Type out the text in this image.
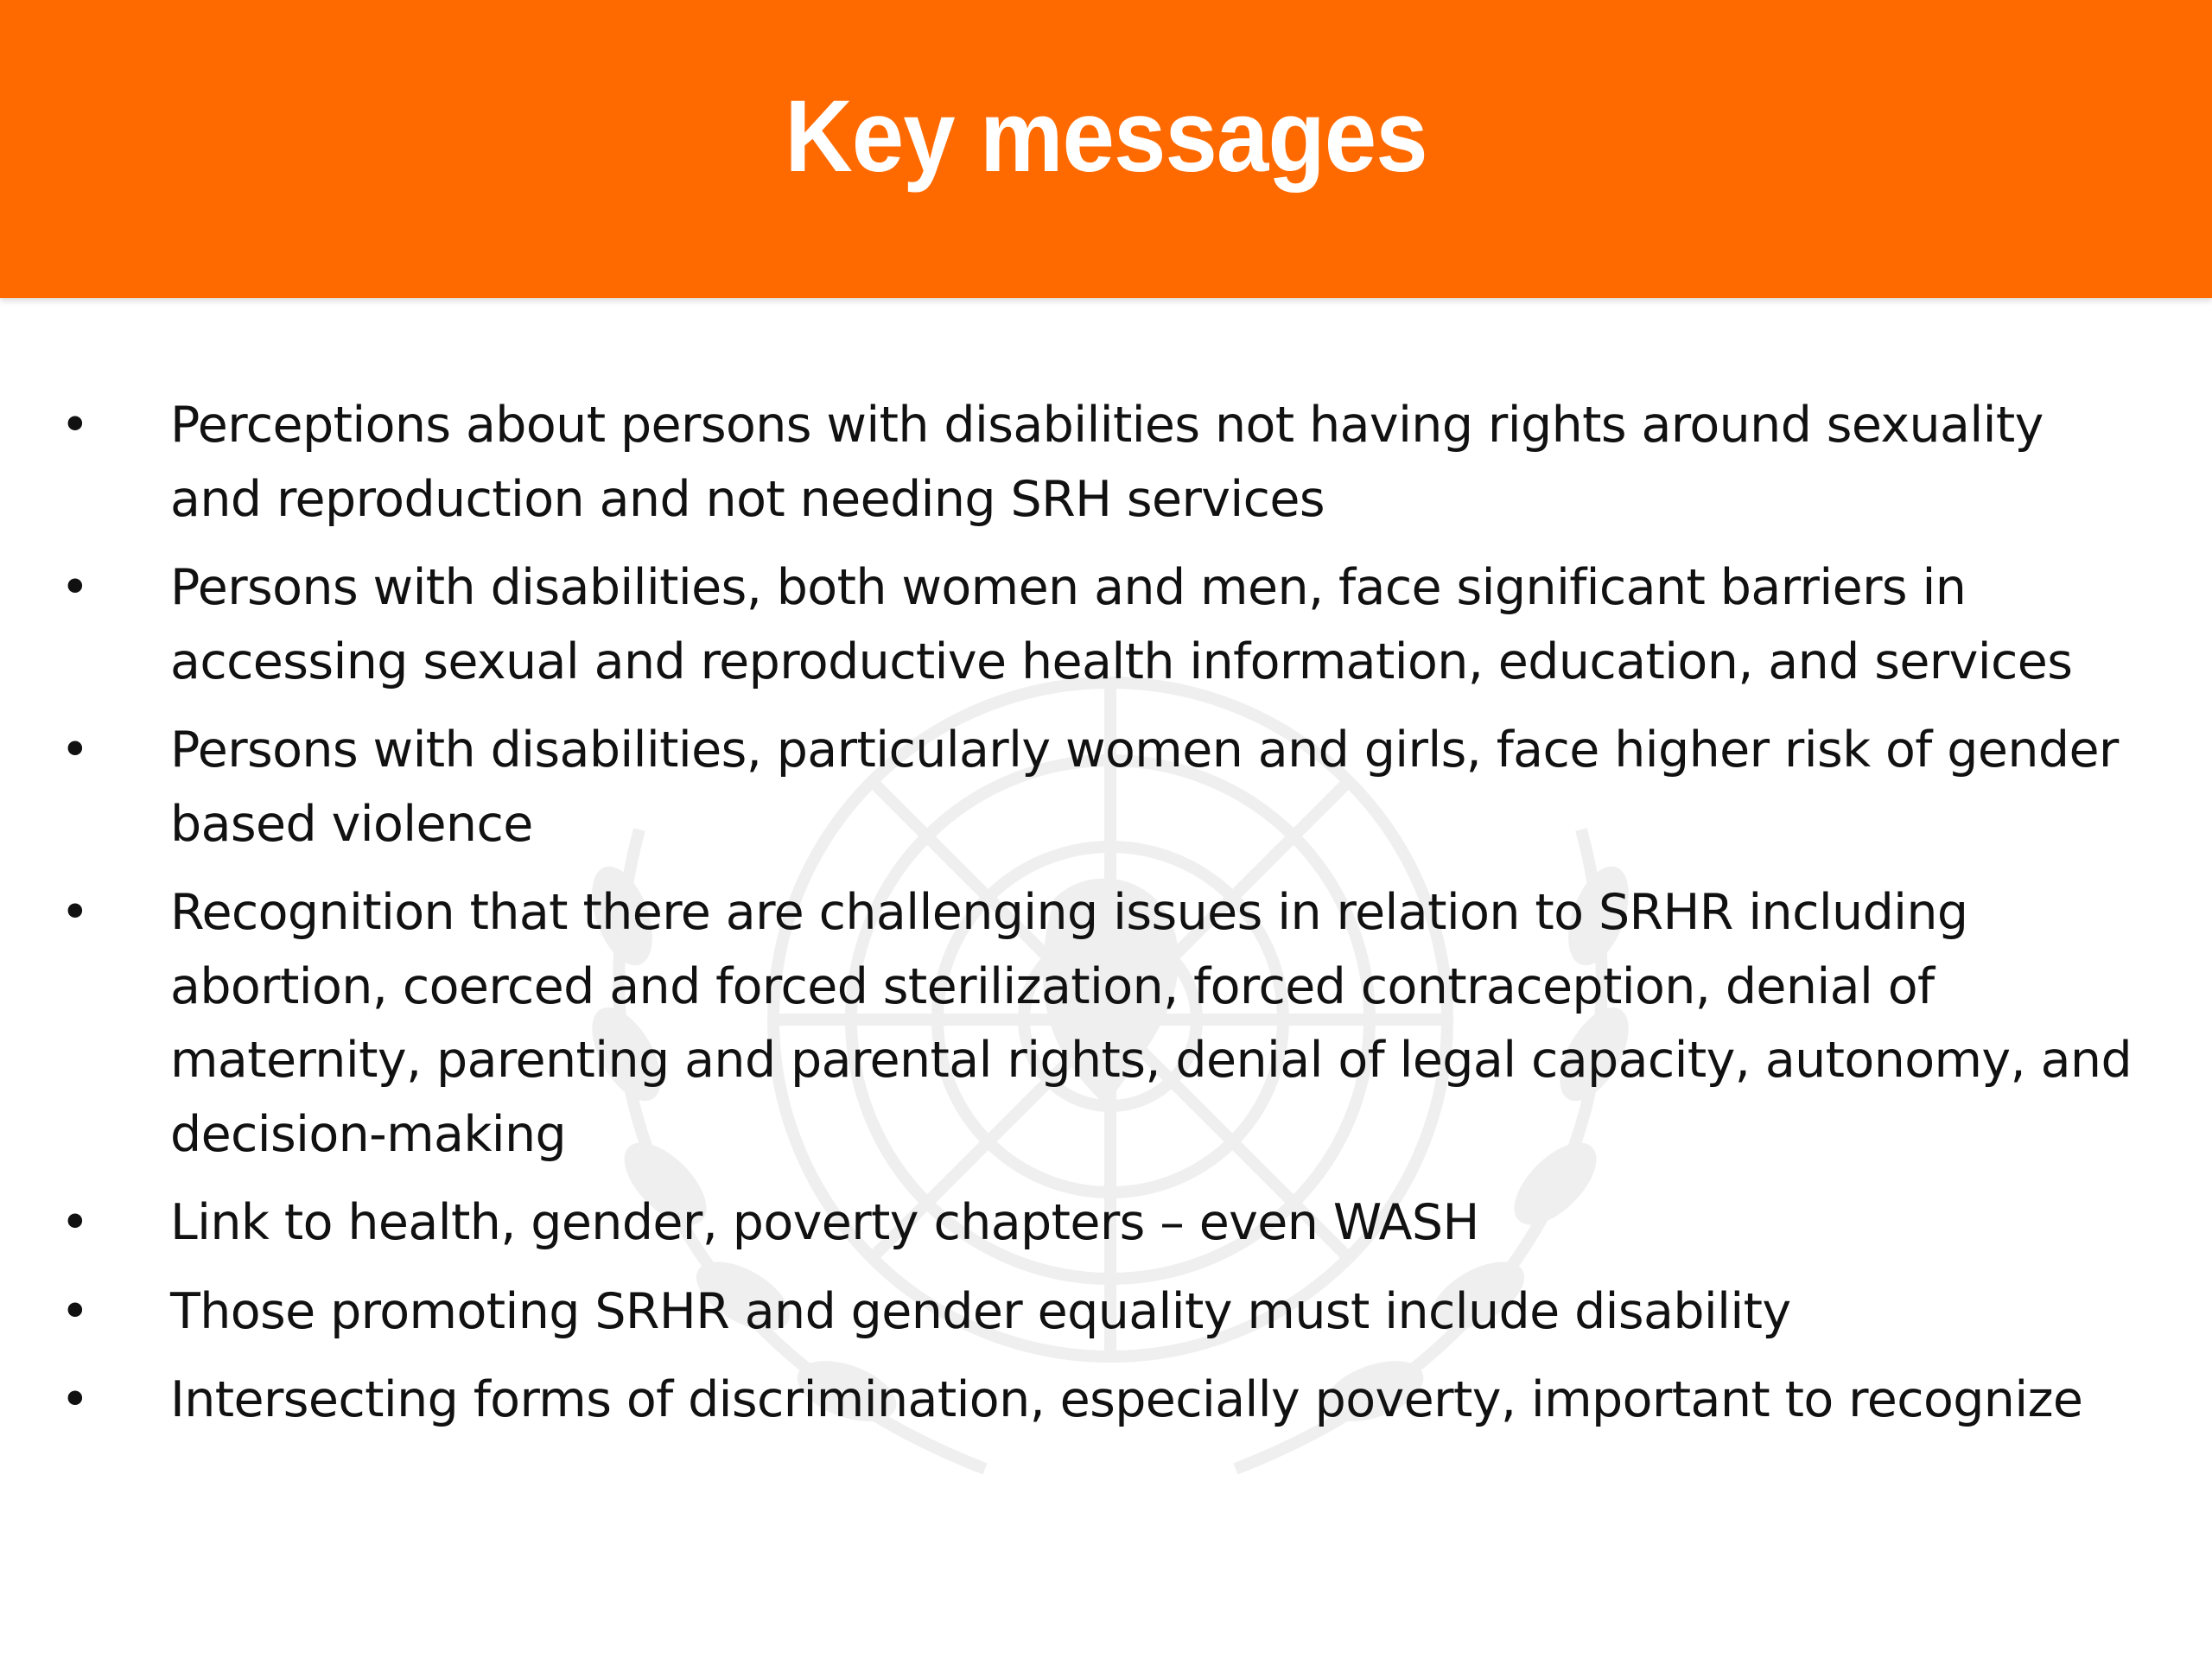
Key messages
•	Perceptions about persons with disabilities not having rights around sexuality and reproduction and not needing SRH services
•	Persons with disabilities, both women and men, face significant barriers in accessing sexual and reproductive health information, education, and services
•	Persons with disabilities, particularly women and girls, face higher risk of gender based violence
•	Recognition that there are challenging issues in relation to SRHR including abortion, coerced and forced sterilization, forced contraception, denial of maternity, parenting and parental rights, denial of legal capacity, autonomy, and decision-making
•	Link to health, gender, poverty chapters – even WASH
•	Those promoting SRHR and gender equality must include disability
•	Intersecting forms of discrimination, especially poverty, important to recognize
